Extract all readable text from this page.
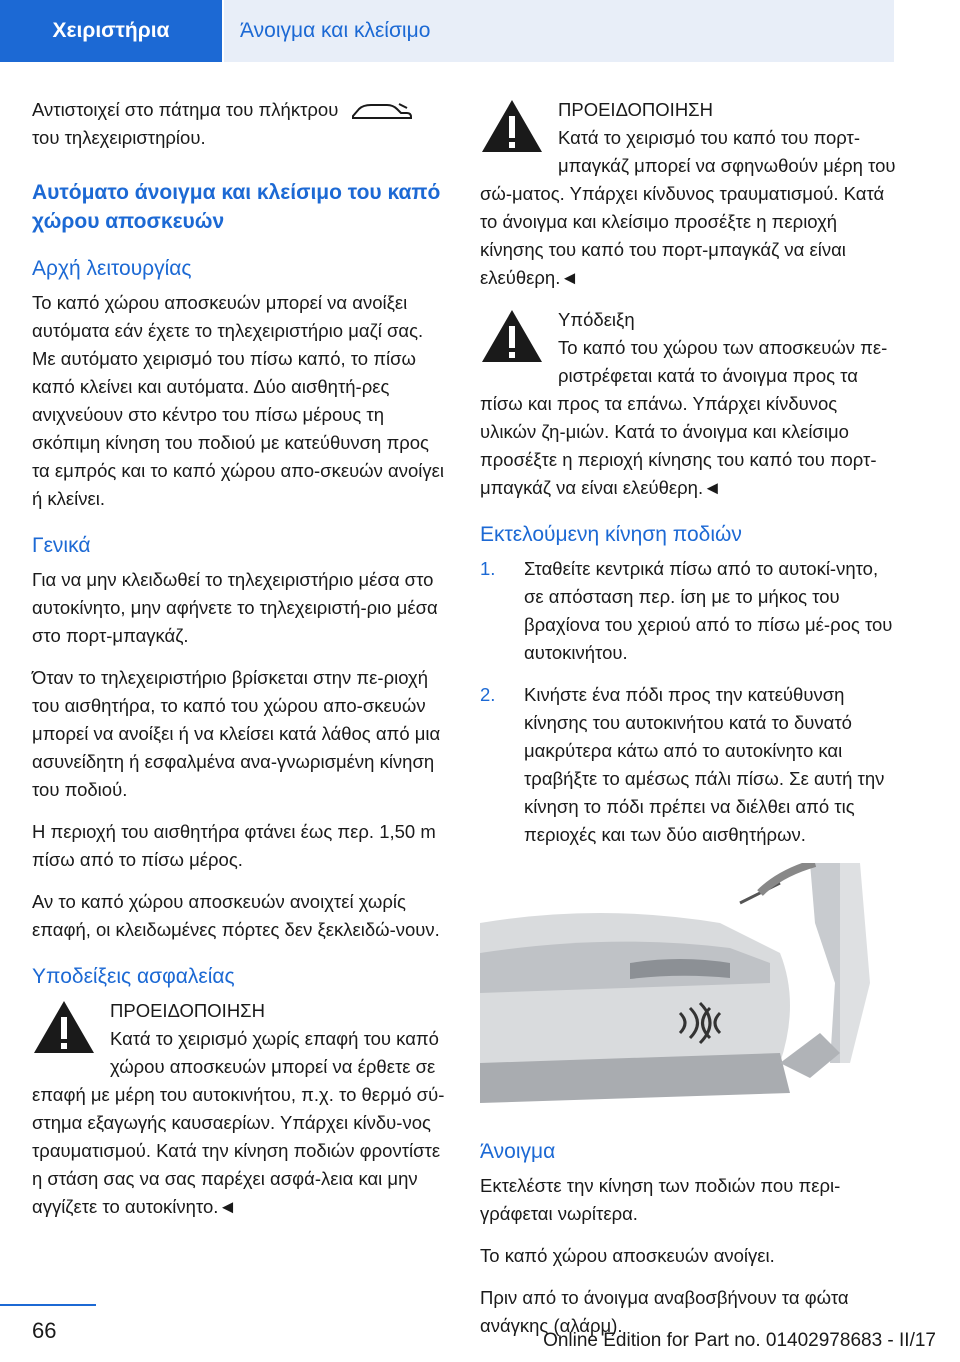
Χειριστήρια	Άνοιγμα και κλείσιμο

Αντιστοιχεί στο πάτημα του πλήκτρου
του τηλεχειριστηρίου.

Αυτόματο άνοιγμα και κλείσιμο του καπό χώρου αποσκευών
Αρχή λειτουργίας

Το καπό χώρου αποσκευών μπορεί να ανοίξει αυτόματα εάν έχετε το τηλεχειριστήριο μαζί σας. Με αυτόματο χειρισμό του πίσω καπό, το πίσω καπό κλείνει και αυτόματα. Δύο αισθητή-ρες ανιχνεύουν στο κέντρο του πίσω μέρους τη σκόπιμη κίνηση του ποδιού με κατεύθυνση προς τα εμπρός και το καπό χώρου απο-σκευών ανοίγει ή κλείνει.

Γενικά

Για να μην κλειδωθεί το τηλεχειριστήριο μέσα στο αυτοκίνητο, μην αφήνετε το τηλεχειριστή-ριο μέσα στο πορτ-μπαγκάζ.

Όταν το τηλεχειριστήριο βρίσκεται στην πε-ριοχή του αισθητήρα, το καπό του χώρου απο-σκευών μπορεί να ανοίξει ή να κλείσει κατά λάθος από μια ασυνείδητη ή εσφαλμένα ανα-γνωρισμένη κίνηση του ποδιού.

Η περιοχή του αισθητήρα φτάνει έως περ. 1,50 m πίσω από το πίσω μέρος.

Αν το καπό χώρου αποσκευών ανοιχτεί χωρίς επαφή, οι κλειδωμένες πόρτες δεν ξεκλειδώ-νουν.

Υποδείξεις ασφαλείας
ΠΡΟΕΙΔΟΠΟΙΗΣΗ
Κατά το χειρισμό χωρίς επαφή του καπό χώρου αποσκευών μπορεί να έρθετε σε επαφή με μέρη του αυτοκινήτου, π.χ. το θερμό σύ-στημα εξαγωγής καυσαερίων. Υπάρχει κίνδυ-νος τραυματισμού. Κατά την κίνηση ποδιών φροντίστε η στάση σας να σας παρέχει ασφά-λεια και μην αγγίζετε το αυτοκίνητο.◄
ΠΡΟΕΙΔΟΠΟΙΗΣΗ
Κατά το χειρισμό του καπό του πορτ-μπαγκάζ μπορεί να σφηνωθούν μέρη του σώ-ματος. Υπάρχει κίνδυνος τραυματισμού. Κατά το άνοιγμα και κλείσιμο προσέξτε η περιοχή κίνησης του καπό του πορτ-μπαγκάζ να είναι ελεύθερη.◄
Υπόδειξη
Το καπό του χώρου των αποσκευών πε-ριστρέφεται κατά το άνοιγμα προς τα πίσω και προς τα επάνω. Υπάρχει κίνδυνος υλικών ζη-μιών. Κατά το άνοιγμα και κλείσιμο προσέξτε η περιοχή κίνησης του καπό του πορτ-μπαγκάζ να είναι ελεύθερη.◄
Εκτελούμενη κίνηση ποδιών
1. Σταθείτε κεντρικά πίσω από το αυτοκί-νητο, σε απόσταση περ. ίση με το μήκος του βραχίονα του χεριού από το πίσω μέ-ρος του αυτοκινήτου.
2. Κινήστε ένα πόδι προς την κατεύθυνση κίνησης του αυτοκινήτου κατά το δυνατό μακρύτερα κάτω από το αυτοκίνητο και τραβήξτε το αμέσως πάλι πίσω. Σε αυτή την κίνηση το πόδι πρέπει να διέλθει από τις περιοχές και των δύο αισθητήρων.
Άνοιγμα

Εκτελέστε την κίνηση των ποδιών που περι-γράφεται νωρίτερα.

Το καπό χώρου αποσκευών ανοίγει.

Πριν από το άνοιγμα αναβοσβήνουν τα φώτα ανάγκης (αλάρμ).

66	Online Edition for Part no. 01402978683 - II/17
